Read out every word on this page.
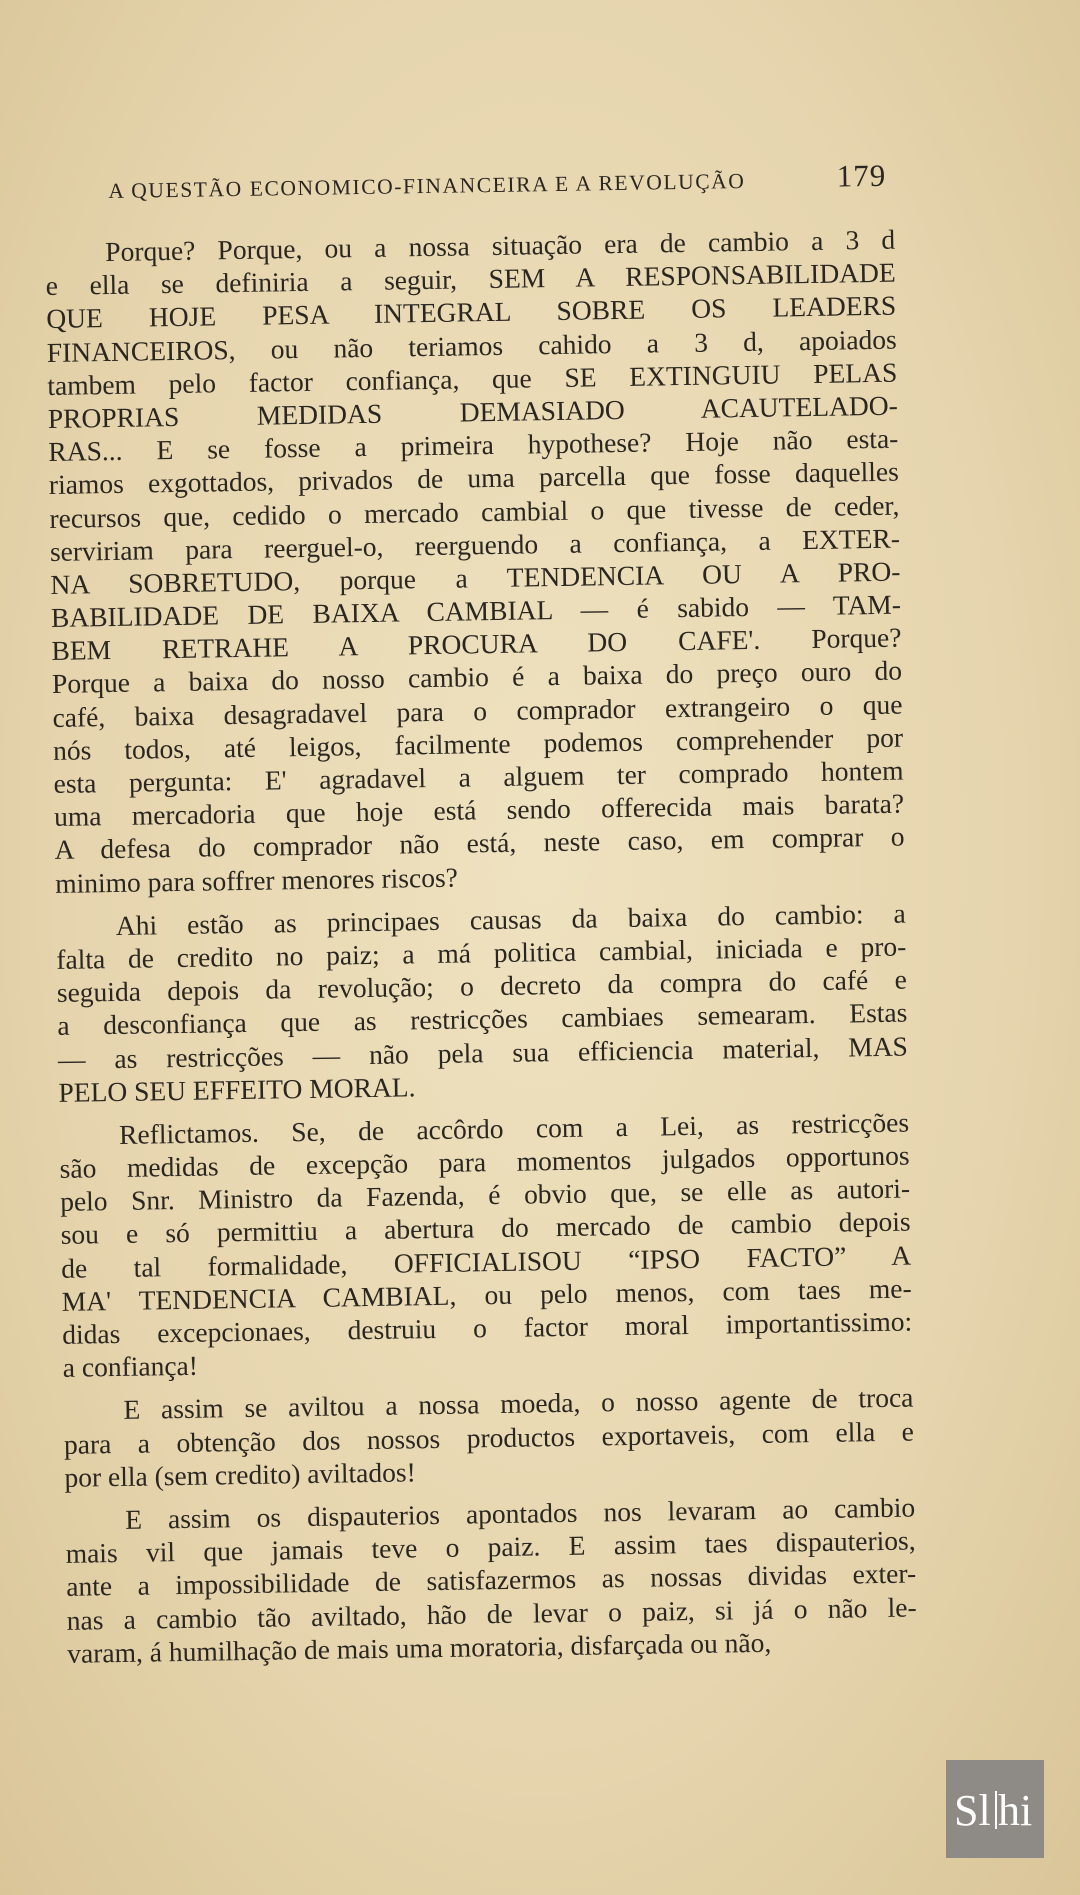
A QUESTÃO ECONOMICO-FINANCEIRA E A REVOLUÇÃO	179
Porque? Porque, ou a nossa situação era de cambio a 3 d
e ella se definiria a seguir, SEM A RESPONSABILIDADE
QUE HOJE PESA INTEGRAL SOBRE OS LEADERS
FINANCEIROS, ou não teriamos cahido a 3 d, apoiados
tambem pelo factor confiança, que SE EXTINGUIU PELAS
PROPRIAS MEDIDAS DEMASIADO ACAUTELADO-
RAS... E se fosse a primeira hypothese? Hoje não esta-
riamos exgottados, privados de uma parcella que fosse daquelles
recursos que, cedido o mercado cambial o que tivesse de ceder,
serviriam para reerguel-o, reerguendo a confiança, a EXTER-
NA SOBRETUDO, porque a TENDENCIA OU A PRO-
BABILIDADE DE BAIXA CAMBIAL — é sabido — TAM-
BEM RETRAHE A PROCURA DO CAFE'. Porque?
Porque a baixa do nosso cambio é a baixa do preço ouro do
café, baixa desagradavel para o comprador extrangeiro o que
nós todos, até leigos, facilmente podemos comprehender por
esta pergunta: E' agradavel a alguem ter comprado hontem
uma mercadoria que hoje está sendo offerecida mais barata?
A defesa do comprador não está, neste caso, em comprar o
minimo para soffrer menores riscos?
Ahi estão as principaes causas da baixa do cambio: a
falta de credito no paiz; a má politica cambial, iniciada e pro-
seguida depois da revolução; o decreto da compra do café e
a desconfiança que as restricções cambiaes semearam. Estas
— as restricções — não pela sua efficiencia material, MAS
PELO SEU EFFEITO MORAL.
Reflictamos. Se, de accôrdo com a Lei, as restricções
são medidas de excepção para momentos julgados opportunos
pelo Snr. Ministro da Fazenda, é obvio que, se elle as autori-
sou e só permittiu a abertura do mercado de cambio depois
de tal formalidade, OFFICIALISOU “IPSO FACTO” A
MA' TENDENCIA CAMBIAL, ou pelo menos, com taes me-
didas excepcionaes, destruiu o factor moral importantissimo:
a confiança!
E assim se aviltou a nossa moeda, o nosso agente de troca
para a obtenção dos nossos productos exportaveis, com ella e
por ella (sem credito) aviltados!
E assim os dispauterios apontados nos levaram ao cambio
mais vil que jamais teve o paiz. E assim taes dispauterios,
ante a impossibilidade de satisfazermos as nossas dividas exter-
nas a cambio tão aviltado, hão de levar o paiz, si já o não le-
varam, á humilhação de mais uma moratoria, disfarçada ou não,
Sl hi
